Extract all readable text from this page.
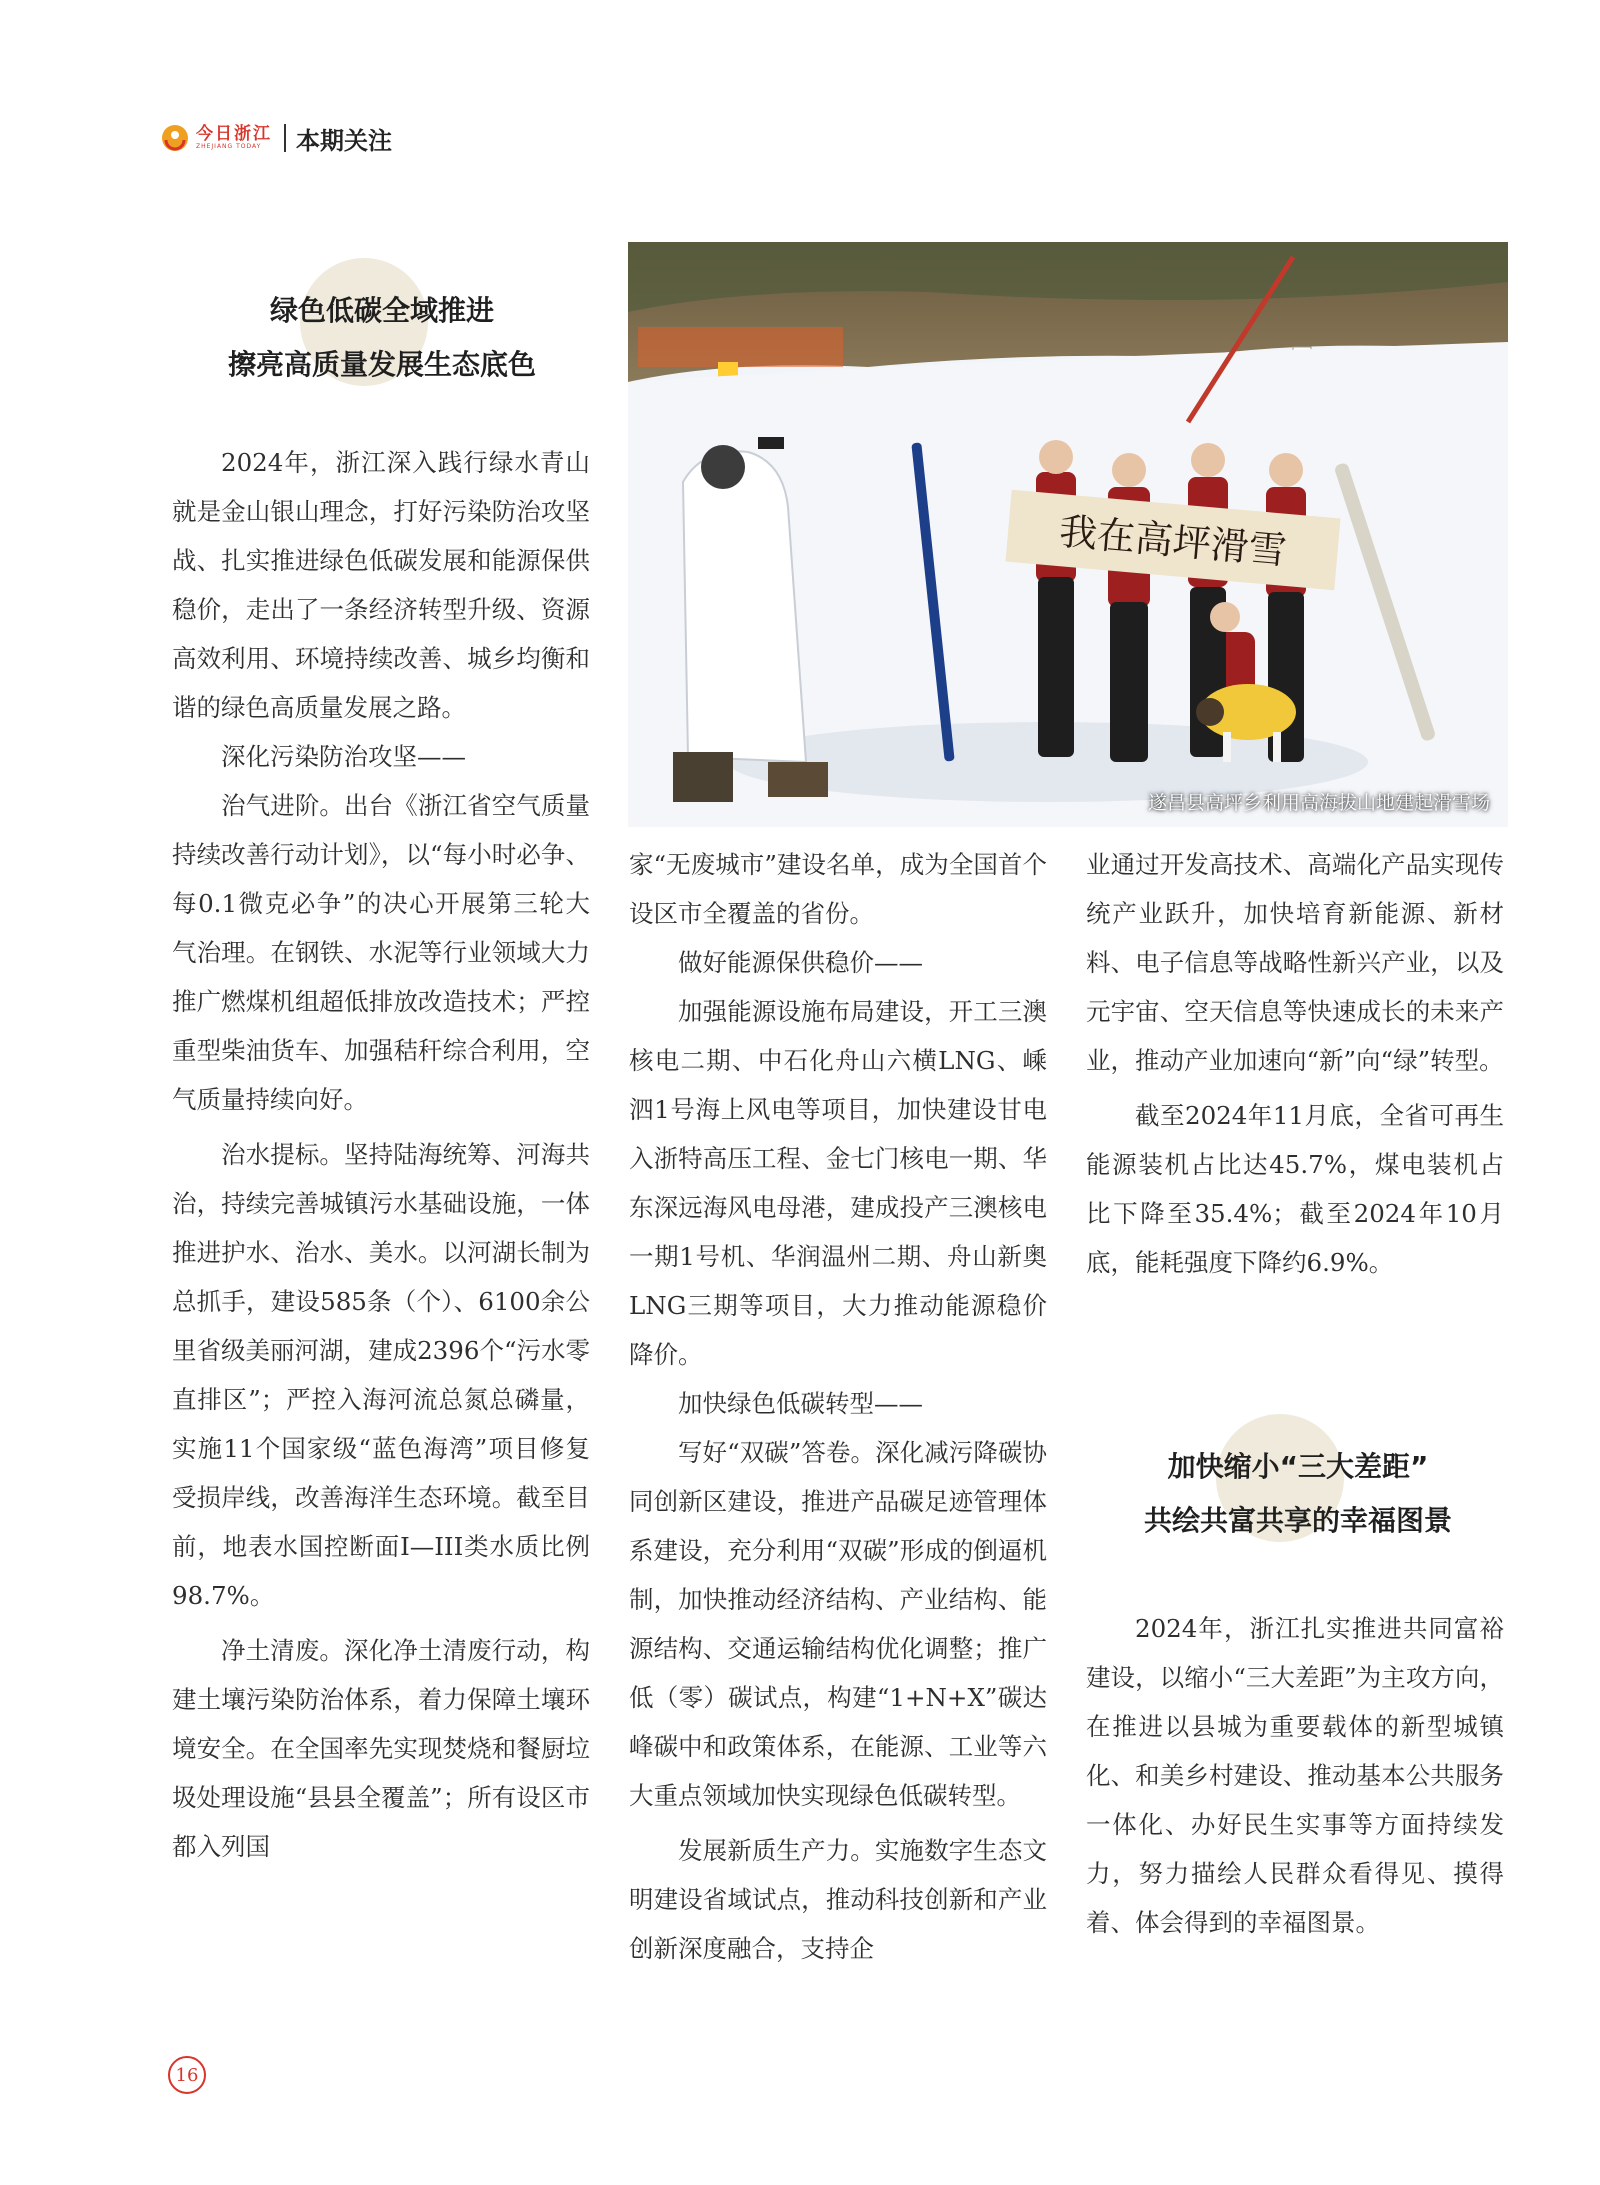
今日浙江
ZHEJIANG TODAY	本期关注
绿色低碳全域推进
擦亮高质量发展生态底色

2024年，浙江深入践行绿水青山就是金山银山理念，打好污染防治攻坚战、扎实推进绿色低碳发展和能源保供稳价，走出了一条经济转型升级、资源高效利用、环境持续改善、城乡均衡和谐的绿色高质量发展之路。

深化污染防治攻坚——

治气进阶。出台《浙江省空气质量持续改善行动计划》，以“每小时必争、每0.1微克必争”的决心开展第三轮大气治理。在钢铁、水泥等行业领域大力推广燃煤机组超低排放改造技术；严控重型柴油货车、加强秸秆综合利用，空气质量持续向好。

治水提标。坚持陆海统筹、河海共治，持续完善城镇污水基础设施，一体推进护水、治水、美水。以河湖长制为总抓手，建设585条（个）、6100余公里省级美丽河湖，建成2396个“污水零直排区”；严控入海河流总氮总磷量，实施11个国家级“蓝色海湾”项目修复受损岸线，改善海洋生态环境。截至目前，地表水国控断面I—III类水质比例98.7%。

净土清废。深化净土清废行动，构建土壤污染防治体系，着力保障土壤环境安全。在全国率先实现焚烧和餐厨垃圾处理设施“县县全覆盖”；所有设区市都入列国

我在高坪滑雪
遂昌县高坪乡利用高海拔山地建起滑雪场

家“无废城市”建设名单，成为全国首个设区市全覆盖的省份。

做好能源保供稳价——

加强能源设施布局建设，开工三澳核电二期、中石化舟山六横LNG、嵊泗1号海上风电等项目，加快建设甘电入浙特高压工程、金七门核电一期、华东深远海风电母港，建成投产三澳核电一期1号机、华润温州二期、舟山新奥LNG三期等项目，大力推动能源稳价降价。

加快绿色低碳转型——

写好“双碳”答卷。深化减污降碳协同创新区建设，推进产品碳足迹管理体系建设，充分利用“双碳”形成的倒逼机制，加快推动经济结构、产业结构、能源结构、交通运输结构优化调整；推广低（零）碳试点，构建“1+N+X”碳达峰碳中和政策体系，在能源、工业等六大重点领域加快实现绿色低碳转型。

发展新质生产力。实施数字生态文明建设省域试点，推动科技创新和产业创新深度融合，支持企

业通过开发高技术、高端化产品实现传统产业跃升，加快培育新能源、新材料、电子信息等战略性新兴产业，以及元宇宙、空天信息等快速成长的未来产业，推动产业加速向“新”向“绿”转型。

截至2024年11月底，全省可再生能源装机占比达45.7%，煤电装机占比下降至35.4%；截至2024年10月底，能耗强度下降约6.9%。

加快缩小“三大差距”
共绘共富共享的幸福图景

2024年，浙江扎实推进共同富裕建设，以缩小“三大差距”为主攻方向，在推进以县城为重要载体的新型城镇化、和美乡村建设、推动基本公共服务一体化、办好民生实事等方面持续发力，努力描绘人民群众看得见、摸得着、体会得到的幸福图景。

16
